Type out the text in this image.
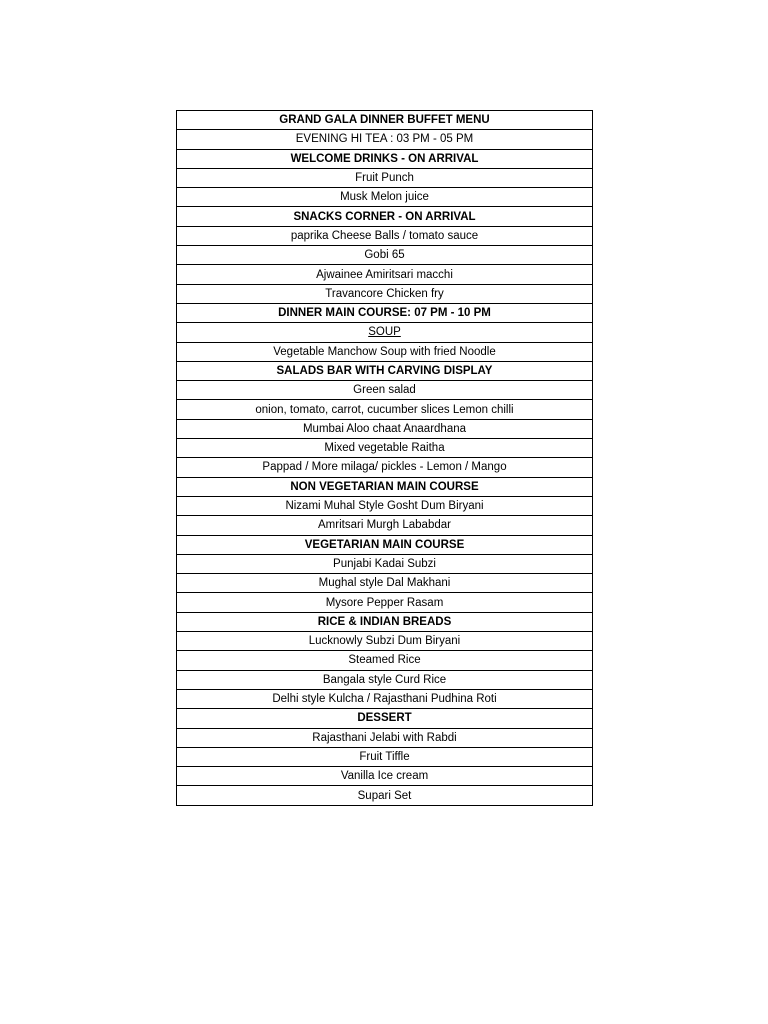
GRAND GALA DINNER BUFFET MENU
EVENING HI TEA : 03 PM - 05 PM
WELCOME DRINKS - ON ARRIVAL
Fruit Punch
Musk Melon juice
SNACKS CORNER - ON ARRIVAL
paprika Cheese Balls / tomato sauce
Gobi 65
Ajwainee Amiritsari macchi
Travancore Chicken fry
DINNER MAIN COURSE: 07 PM - 10 PM
SOUP
Vegetable Manchow Soup with fried Noodle
SALADS BAR WITH CARVING DISPLAY
Green salad
onion, tomato, carrot, cucumber slices Lemon chilli
Mumbai Aloo chaat Anaardhana
Mixed vegetable Raitha
Pappad / More milaga/ pickles - Lemon / Mango
NON VEGETARIAN MAIN COURSE
Nizami Muhal Style Gosht Dum Biryani
Amritsari Murgh Lababdar
VEGETARIAN MAIN COURSE
Punjabi Kadai Subzi
Mughal style Dal Makhani
Mysore Pepper Rasam
RICE & INDIAN BREADS
Lucknowly Subzi Dum Biryani
Steamed Rice
Bangala style Curd Rice
Delhi style Kulcha / Rajasthani Pudhina Roti
DESSERT
Rajasthani Jelabi with Rabdi
Fruit Tiffle
Vanilla Ice cream
Supari Set
